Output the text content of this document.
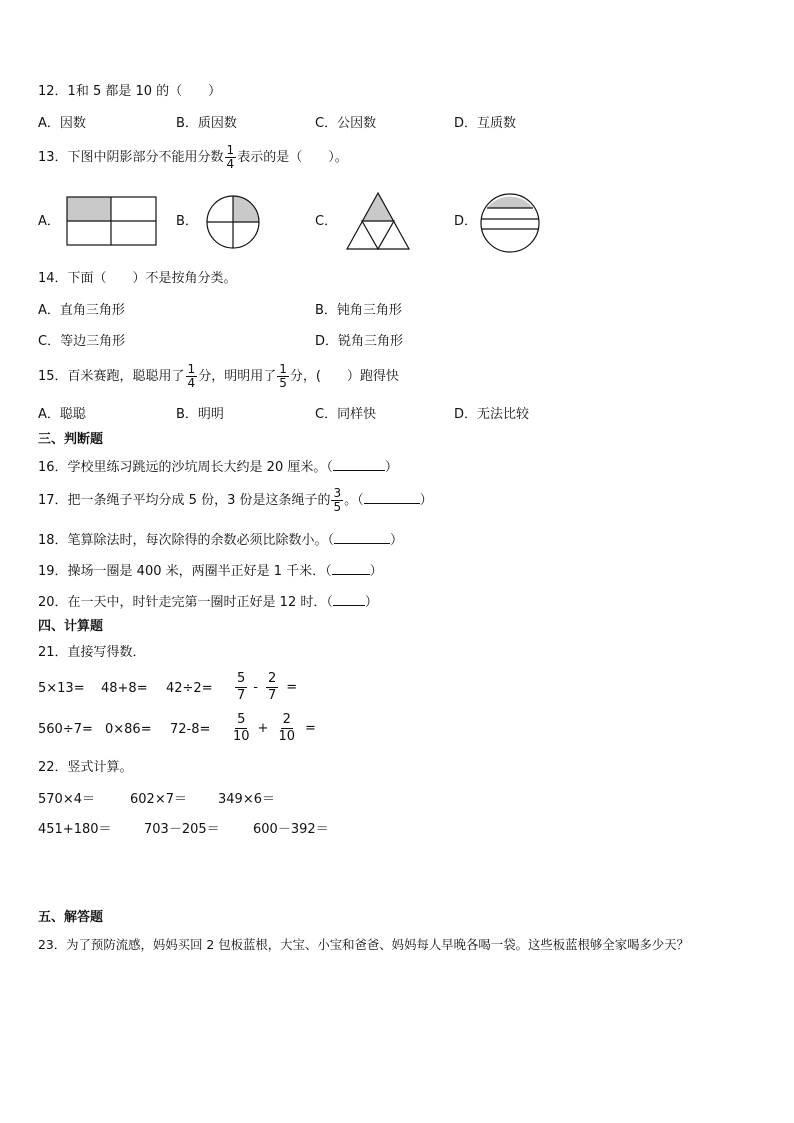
12．1和 5 都是 10 的（　　）
A．因数	B．质因数	C．公因数	D．互质数
13．下图中阴影部分不能用分数 $\frac{1}{4}$ 表示的是（　　）。
A．	B．	C．	D．
14．下面（　　）不是按角分类。
A．直角三角形	B．钝角三角形
C．等边三角形	D．锐角三角形
15．百米赛跑，聪聪用了 $\frac{1}{4}$ 分，明明用了 $\frac{1}{5}$ 分，(　　）跑得快
A．聪聪	B．明明	C．同样快	D．无法比较
三、判断题
16．学校里练习跳远的沙坑周长大约是 20 厘米。（	）
17．把一条绳子平均分成 5 份，3 份是这条绳子的 $\frac{3}{5}$ 。（	）
18．笔算除法时，每次除得的余数必须比除数小。（	）
19．操场一圈是 400 米，两圈半正好是 1 千米．（	）
20．在一天中，时针走完第一圈时正好是 12 时．（ ）
四、计算题
21．直接写得数．
$5\times 13= 48+8= 42\div 2= \frac{5}{7} - \frac{2}{7}$ =
$560\div 7= 0\times 86= 72-8= \frac{5}{10} + \frac{2}{10}$ =
22．竖式计算。
570×4＝	602×7＝ 349×6＝
451+180＝ 703－205＝	600－392＝
五、解答题
23．为了预防流感，妈妈买回 2 包板蓝根，大宝、小宝和爸爸、妈妈每人早晚各喝一袋。这些板蓝根够全家喝多少天？
